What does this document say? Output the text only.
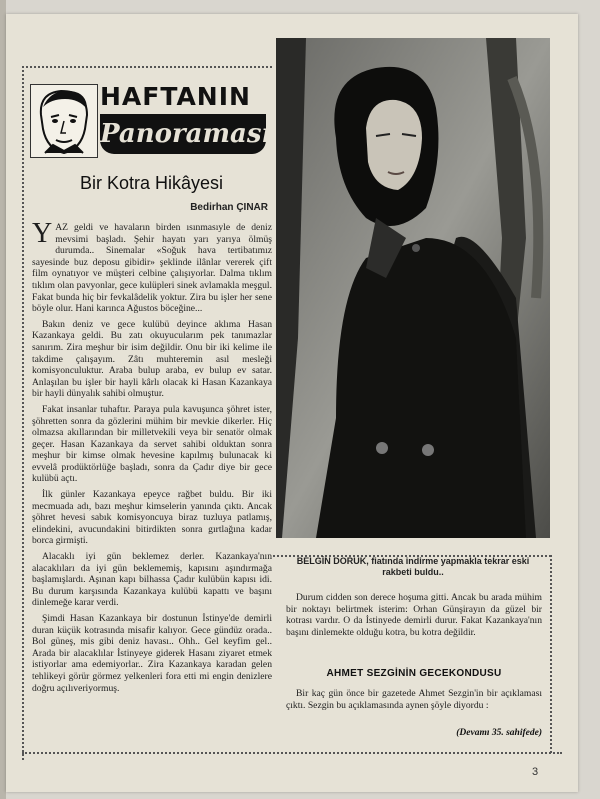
HAFTANIN
Panoraması
Bir Kotra Hikâyesi
Bedirhan ÇINAR

YAZ geldi ve havaların birden ısınmasıyle de deniz mevsimi başladı. Şehir hayatı yarı yarıya ölmüş durumda.. Sinemalar «Soğuk hava tertibatımız sayesinde buz deposu gibidir» şeklinde ilânlar vererek çift film oynatıyor ve müşteri celbine çalışıyorlar. Dalma tıklım tıklım olan pavyonlar, gece kulüpleri sinek avlamakla meşgul. Fakat bunda hiç bir fevkalâdelik yoktur. Zira bu işler her sene böyle olur. Hani karınca Ağustos böceğine...

Bakın deniz ve gece kulübü deyince aklıma Hasan Kazankaya geldi. Bu zatı okuyucularım pek tanımazlar sanırım. Zira meşhur bir isim değildir. Onu bir iki kelime ile takdime çalışayım. Zâtı muhteremin asıl mesleği komisyonculuktur. Araba bulup araba, ev bulup ev satar. Anlaşılan bu işler bir hayli kârlı olacak ki Hasan Kazankaya bir hayli dünyalık sahibi olmuştur.

Fakat insanlar tuhaftır. Paraya pula kavuşunca şöhret ister, şöhretten sonra da gözlerini mühim bir mevkie dikerler. Hiç olmazsa akıllarından bir milletvekili veya bir senatör olmak geçer. Hasan Kazankaya da servet sahibi olduktan sonra meşhur bir kimse olmak hevesine kapılmış bulunacak ki evvelâ prodüktörlüğe başladı, sonra da Çadır diye bir gece kulübü açtı.

İlk günler Kazankaya epeyce rağbet buldu. Bir iki mecmuada adı, bazı meşhur kimselerin yanında çıktı. Ancak şöhret hevesi sabık komisyoncuya biraz tuzluya patlamış, elindekini, avucundakini bitirdikten sonra gırtlağına kadar borca girmişti.

Alacaklı iyi gün beklemez derler. Kazankaya'nın alacaklıları da iyi gün beklememiş, kapısını aşındırmağa başlamışlardı. Aşınan kapı bilhassa Çadır kulübün kapısı idi. Bu durum karşısında Kazankaya kulübü kapattı ve başını dinlemeğe karar verdi.

Şimdi Hasan Kazankaya bir dostunun İstinye'de demirli duran küçük kotrasında misafir kalıyor. Gece gündüz orada.. Bol güneş, mis gibi deniz havası.. Ohh.. Gel keyfim gel.. Arada bir alacaklılar İstinyeye giderek Hasanı ziyaret etmek istiyorlar ama edemiyorlar.. Zira Kazankaya karadan gelen tehlikeyi görür görmez yelkenleri fora etti mi engin denizlere doğru açılıveriyormuş.

BELGİN DORUK, fiatında indirme yapmakla tekrar eski rakbeti buldu..

Durum cidden son derece hoşuma gitti. Ancak bu arada mühim bir noktayı belirtmek isterim: Orhan Günşirayın da güzel bir kotrası vardır. O da İstinyede demirli durur. Fakat Kazankaya'nın başını dinlemekte olduğu kotra, bu kotra değildir.

AHMET SEZGİNİN GECEKONDUSU

Bir kaç gün önce bir gazetede Ahmet Sezgin'in bir açıklaması çıktı. Sezgin bu açıklamasında aynen şöyle diyordu :

(Devamı 35. sahifede)
3
